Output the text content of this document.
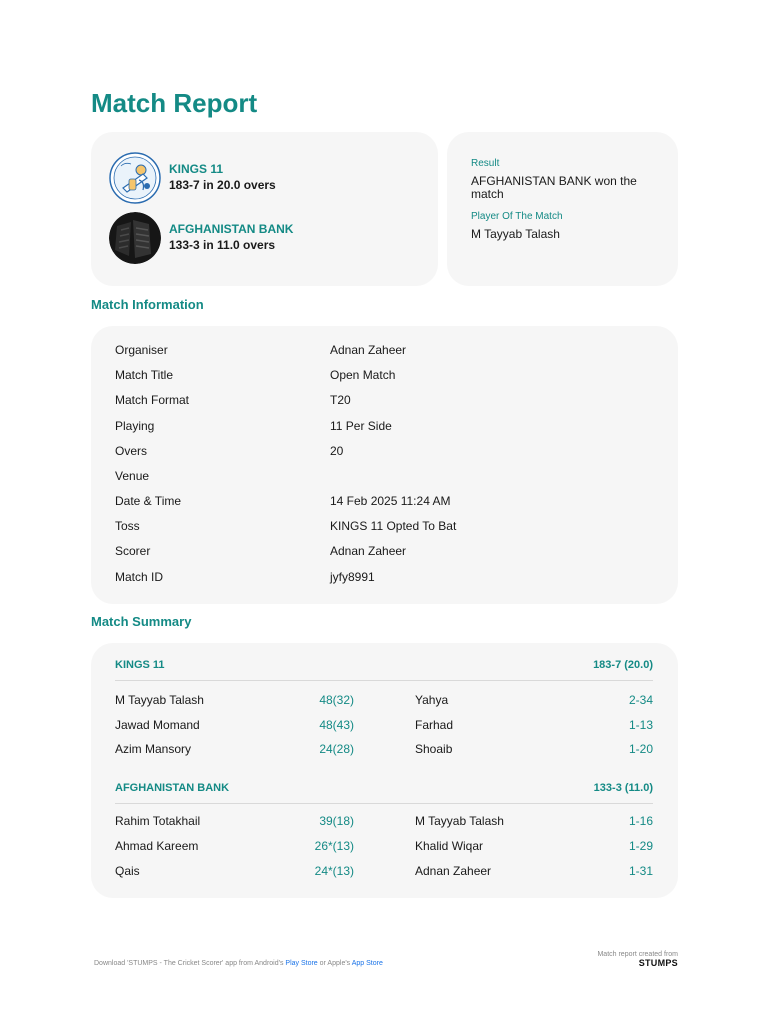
Match Report
KINGS 11
183-7 in 20.0 overs
AFGHANISTAN BANK
133-3 in 11.0 overs
Result
AFGHANISTAN BANK won the match
Player Of The Match
M Tayyab Talash
Match Information
Organiser	Adnan Zaheer
Match Title	Open Match
Match Format	T20
Playing	11 Per Side
Overs	20
Venue
Date & Time	14 Feb 2025 11:24 AM
Toss	KINGS 11 Opted To Bat
Scorer	Adnan Zaheer
Match ID	jyfy8991
Match Summary
KINGS 11	183-7 (20.0)
M Tayyab Talash	48(32)	Yahya	2-34
Jawad Momand	48(43)	Farhad	1-13
Azim Mansory	24(28)	Shoaib	1-20
AFGHANISTAN BANK	133-3 (11.0)
Rahim Totakhail	39(18)	M Tayyab Talash	1-16
Ahmad Kareem	26*(13)	Khalid Wiqar	1-29
Qais	24*(13)	Adnan Zaheer	1-31
Download 'STUMPS - The Cricket Scorer' app from Android's Play Store or Apple's App Store
Match report created from
STUMPS
